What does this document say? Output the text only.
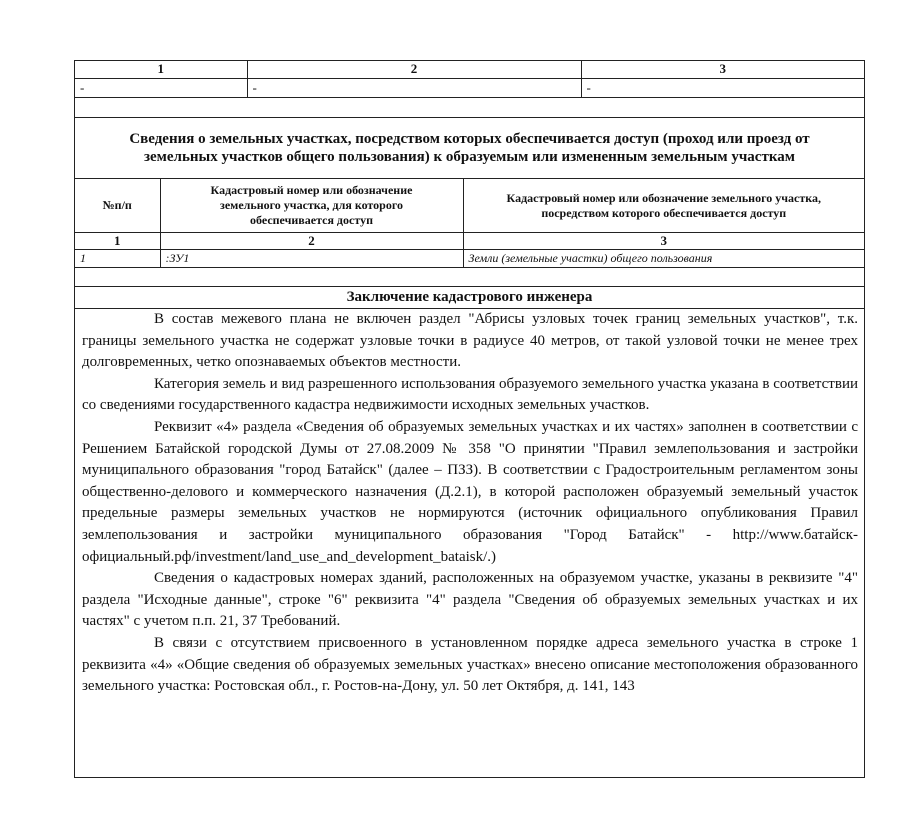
1	2	3
-	-	-

Сведения о земельных участках, посредством которых обеспечивается доступ (проход или проезд от земельных участков общего пользования) к образуемым или измененным земельным участкам		
№п/п	Кадастровый номер или обозначение земельного участка, для которого обеспечивается доступ	Кадастровый номер или обозначение земельного участка, посредством которого обеспечивается доступ
1	2	3
1	:ЗУ1	Земли (земельные участки) общего пользования

Заключение кадастрового инженера		

В состав межевого плана не включен раздел "Абрисы узловых точек границ земельных участков", т.к. границы земельного участка не содержат узловые точки в радиусе 40 метров, от такой узловой точки не менее трех долговременных, четко опознаваемых объектов местности.

Категория земель и вид разрешенного использования образуемого земельного участка указана в соответствии со сведениями государственного кадастра недвижимости исходных земельных участков.

Реквизит «4» раздела «Сведения об образуемых земельных участках и их частях» заполнен в соответствии с Решением Батайской городской Думы от 27.08.2009 № 358 "О принятии "Правил землепользования и застройки муниципального образования "город Батайск" (далее – ПЗЗ). В соответствии с Градостроительным регламентом зоны общественно-делового и коммерческого назначения (Д.2.1), в которой расположен образуемый земельный участок предельные размеры земельных участков не нормируются (источник официального опубликования Правил землепользования и застройки муниципального образования "Город Батайск" - http://www.батайск-официальный.рф/investment/land_use_and_development_bataisk/.)

Сведения о кадастровых номерах зданий, расположенных на образуемом участке, указаны в реквизите "4" раздела "Исходные данные", строке "6" реквизита "4" раздела "Сведения об образуемых земельных участках и их частях" с учетом п.п. 21, 37 Требований.

В связи с отсутствием присвоенного в установленном порядке адреса земельного участка в строке 1 реквизита «4» «Общие сведения об образуемых земельных участках» внесено описание местоположения образованного земельного участка: Ростовская обл., г. Ростов-на-Дону, ул. 50 лет Октября, д. 141, 143
